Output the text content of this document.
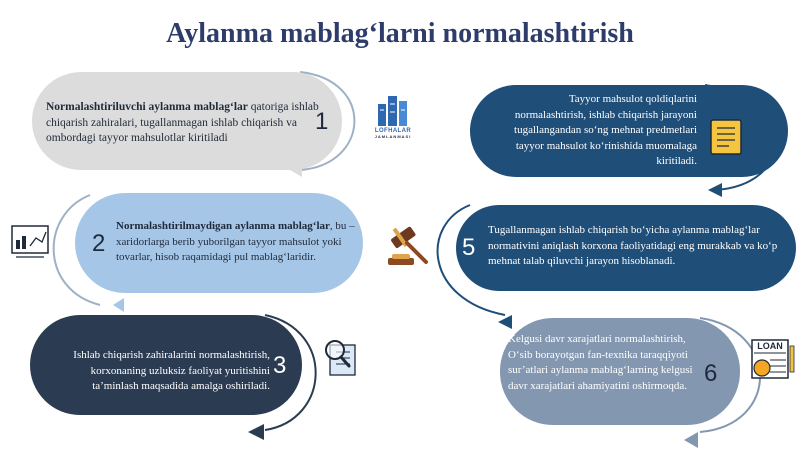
Aylanma mablag‘larni normalashtirish
LOFHALAR
JAMLANMASI
LOAN

Normalashtiriluvchi aylanma mablag‘lar qatoriga ishlab chiqarish zahiralari, tugallanmagan ishlab chiqarish va ombordagi tayyor mahsulotlar kiritiladi

1

Normalashtirilmaydigan aylanma mablag‘lar, bu – xaridorlarga berib yuborilgan tayyor mahsulot yoki tovarlar, hisob raqamidagi pul mablag‘laridir.

2

Ishlab chiqarish zahiralarini normalashtirish, korxonaning uzluksiz faoliyat yuritishini ta’minlash maqsadida amalga oshiriladi.

3

Tayyor mahsulot qoldiqlarini normalashtirish, ishlab chiqarish jarayoni tugallangandan so‘ng mehnat predmetlari tayyor mahsulot ko‘rinishida muomalaga kiritiladi.

Tugallanmagan ishlab chiqarish bo‘yicha aylanma mablag‘lar normativini aniqlash korxona faoliyatidagi eng murakkab va ko‘p mehnat talab qiluvchi jarayon hisoblanadi.

5

Kelgusi davr xarajatlari normalashtirish, O‘sib borayotgan fan-texnika taraqqiyoti sur’atlari aylanma mablag‘larning kelgusi davr xarajatlari ahamiyatini oshirmoqda. 6
